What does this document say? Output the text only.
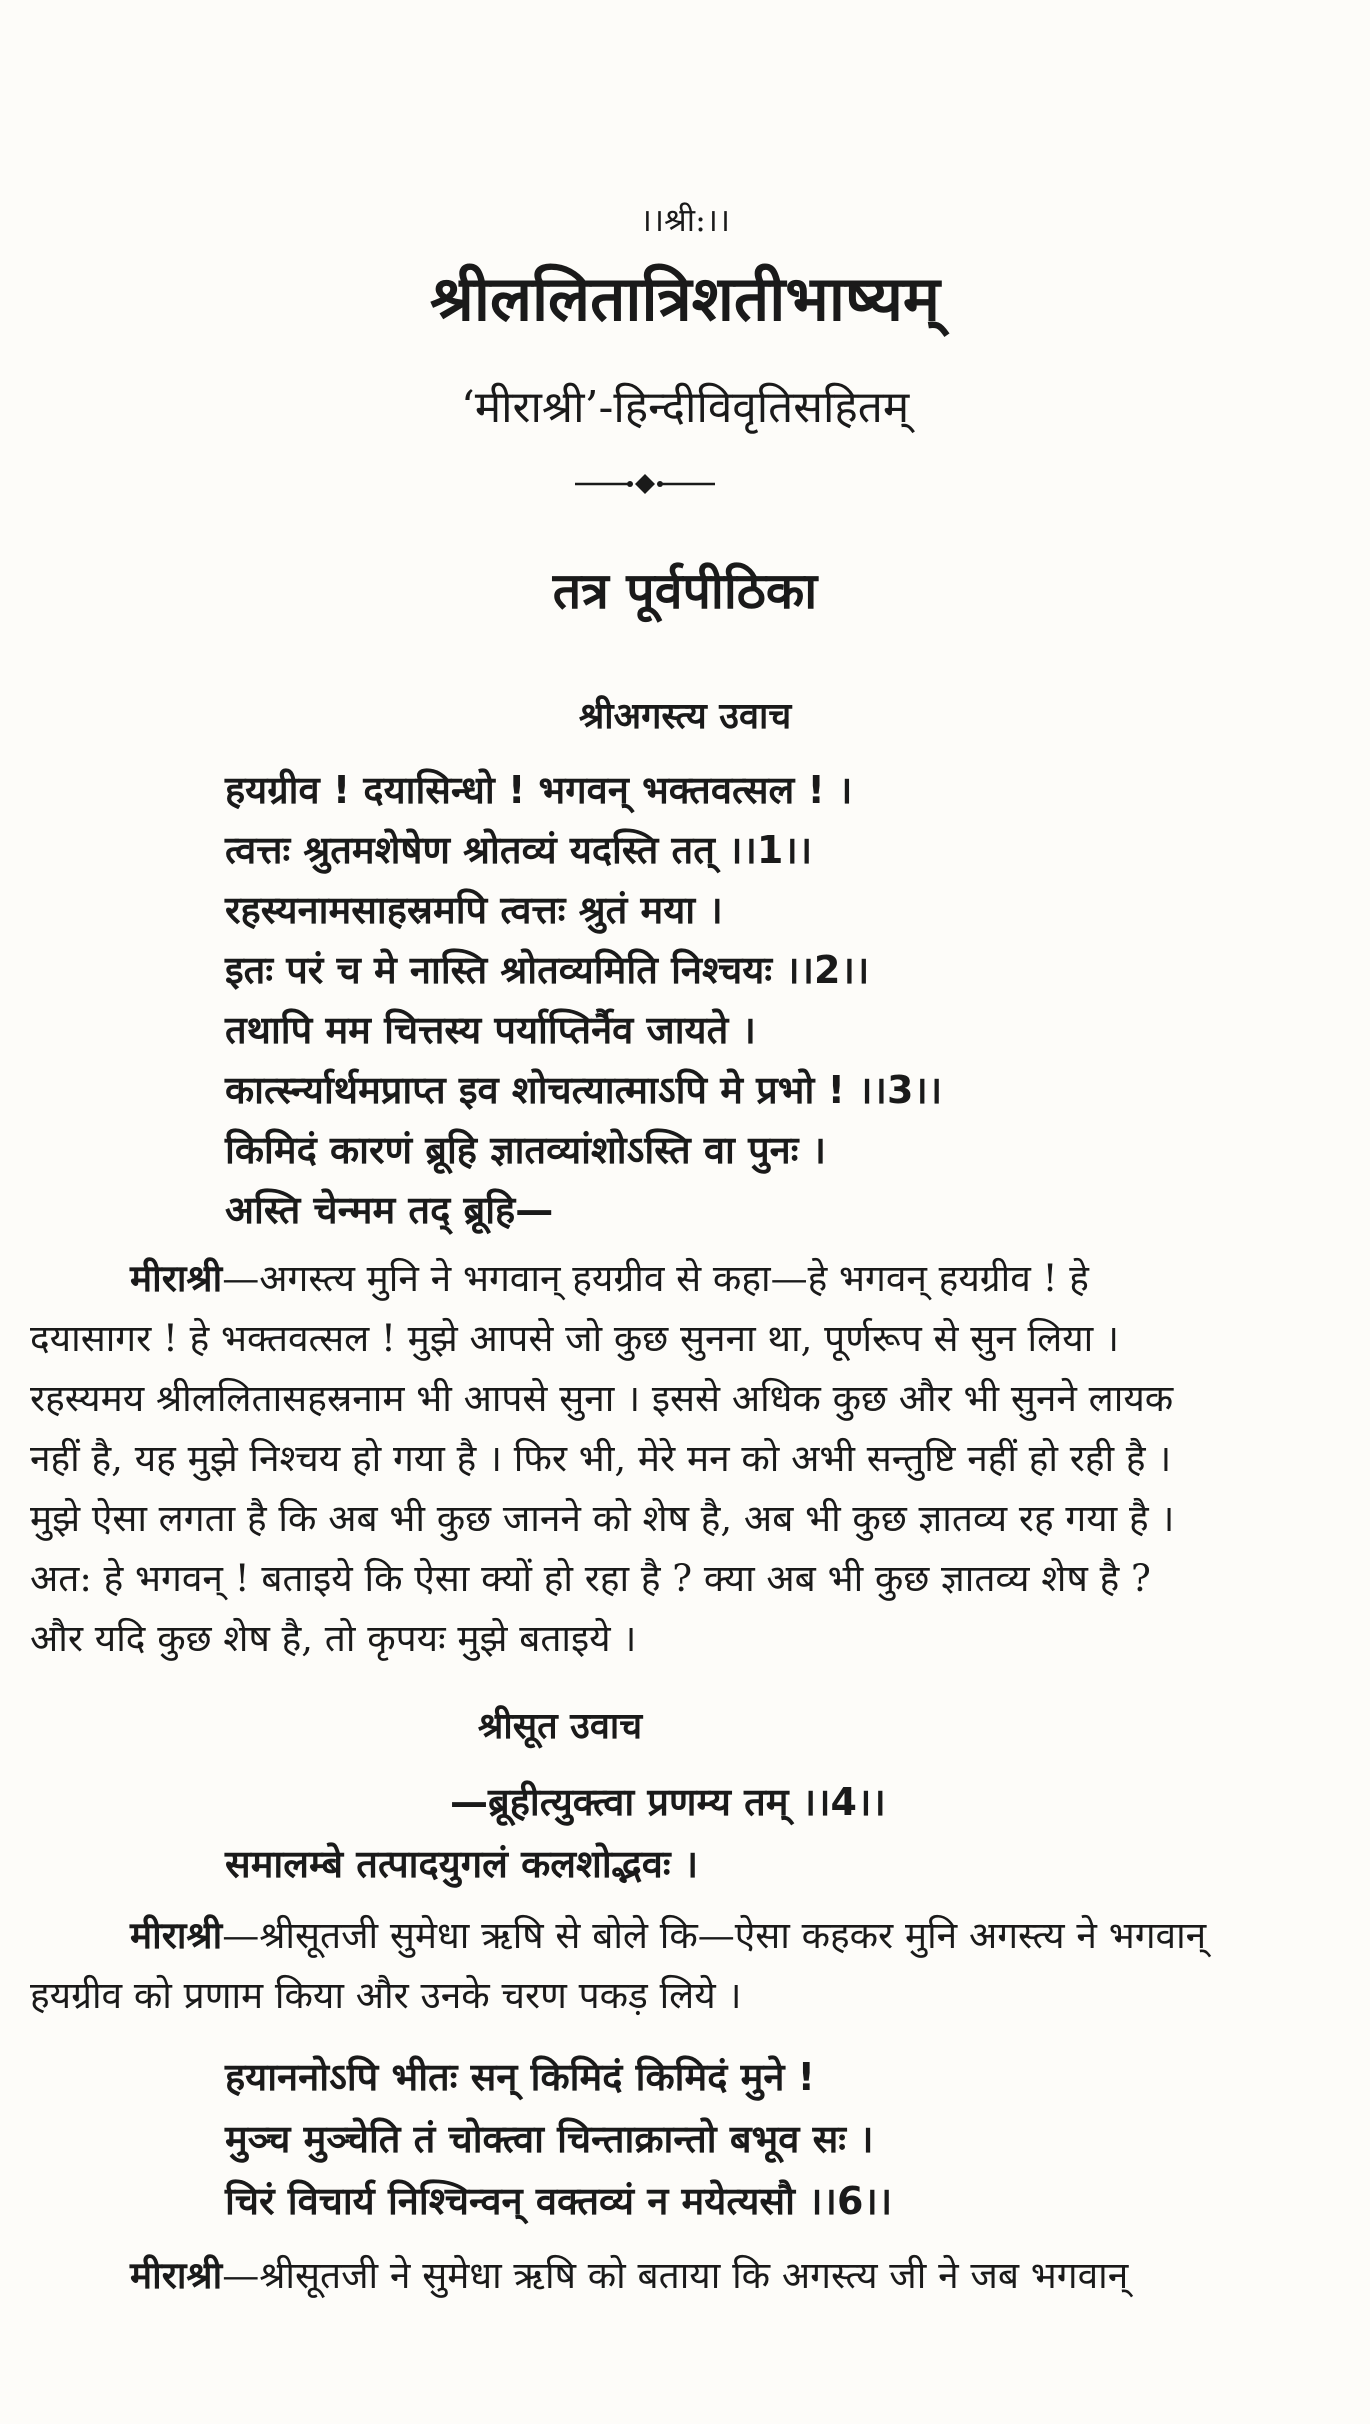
।।श्री:।।
श्रीललितात्रिशतीभाष्यम्
‘मीराश्री’-हिन्दीविवृतिसहितम्
तत्र पूर्वपीठिका
श्रीअगस्त्य उवाच
हयग्रीव ! दयासिन्धो ! भगवन् भक्तवत्सल ! ।
त्वत्तः श्रुतमशेषेण श्रोतव्यं यदस्ति तत् ।।1।।
रहस्यनामसाहस्रमपि त्वत्तः श्रुतं मया ।
इतः परं च मे नास्ति श्रोतव्यमिति निश्चयः ।।2।।
तथापि मम चित्तस्य पर्याप्तिर्नैव जायते ।
कार्त्स्न्यार्थमप्राप्त इव शोचत्यात्माऽपि मे प्रभो ! ।।3।।
किमिदं कारणं ब्रूहि ज्ञातव्यांशोऽस्ति वा पुनः ।
अस्ति चेन्मम तद् ब्रूहि—
मीराश्री—अगस्त्य मुनि ने भगवान् हयग्रीव से कहा—हे भगवन् हयग्रीव ! हे
दयासागर ! हे भक्तवत्सल ! मुझे आपसे जो कुछ सुनना था, पूर्णरूप से सुन लिया ।
रहस्यमय श्रीललितासहस्रनाम भी आपसे सुना । इससे अधिक कुछ और भी सुनने लायक
नहीं है, यह मुझे निश्चय हो गया है । फिर भी, मेरे मन को अभी सन्तुष्टि नहीं हो रही है ।
मुझे ऐसा लगता है कि अब भी कुछ जानने को शेष है, अब भी कुछ ज्ञातव्य रह गया है ।
अत: हे भगवन् ! बताइये कि ऐसा क्यों हो रहा है ? क्या अब भी कुछ ज्ञातव्य शेष है ?
और यदि कुछ शेष है, तो कृपयः मुझे बताइये ।
श्रीसूत उवाच
—ब्रूहीत्युक्त्वा प्रणम्य तम् ।।4।।
समालम्बे तत्पादयुगलं कलशोद्भवः ।
मीराश्री—श्रीसूतजी सुमेधा ऋषि से बोले कि—ऐसा कहकर मुनि अगस्त्य ने भगवान्
हयग्रीव को प्रणाम किया और उनके चरण पकड़ लिये ।
हयाननोऽपि भीतः सन् किमिदं किमिदं मुने !
मुञ्च मुञ्चेति तं चोक्त्वा चिन्ताक्रान्तो बभूव सः ।
चिरं विचार्य निश्चिन्वन् वक्तव्यं न मयेत्यसौ ।।6।।
मीराश्री—श्रीसूतजी ने सुमेधा ऋषि को बताया कि अगस्त्य जी ने जब भगवान्
